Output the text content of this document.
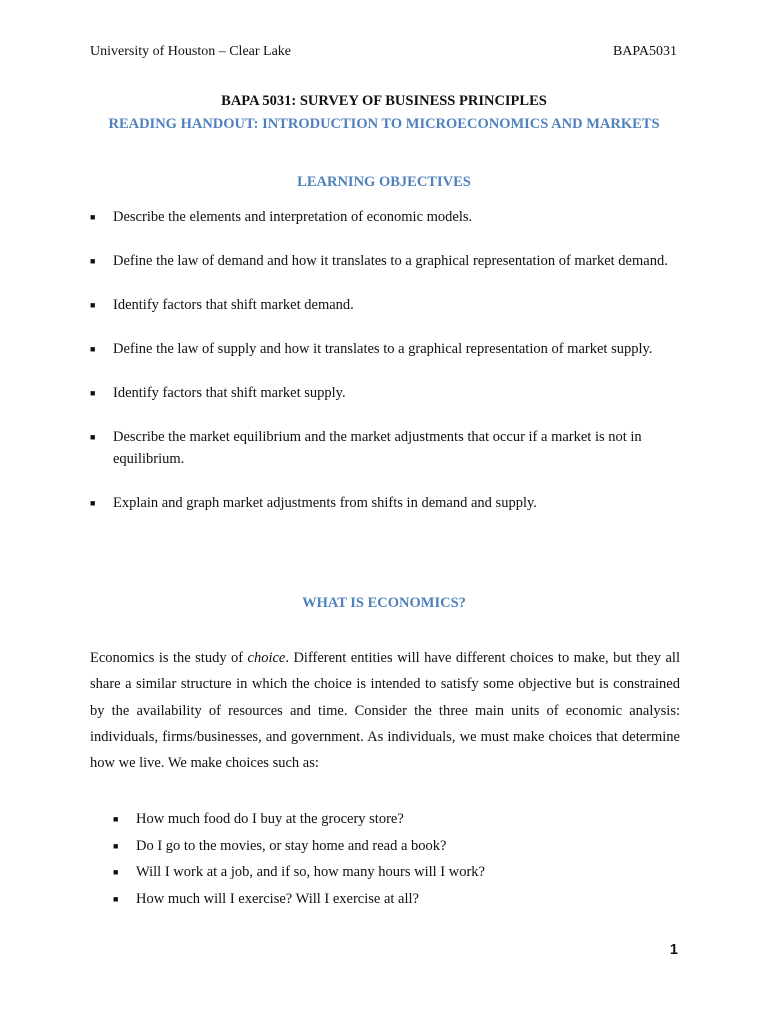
University of Houston – Clear Lake	BAPA5031
BAPA 5031: SURVEY OF BUSINESS PRINCIPLES
READING HANDOUT: INTRODUCTION TO MICROECONOMICS AND MARKETS
LEARNING OBJECTIVES
■ Describe the elements and interpretation of economic models.
■ Define the law of demand and how it translates to a graphical representation of market demand.
■ Identify factors that shift market demand.
■ Define the law of supply and how it translates to a graphical representation of market supply.
■ Identify factors that shift market supply.
■ Describe the market equilibrium and the market adjustments that occur if a market is not in equilibrium.
■ Explain and graph market adjustments from shifts in demand and supply.
WHAT IS ECONOMICS?

Economics is the study of choice. Different entities will have different choices to make, but they all share a similar structure in which the choice is intended to satisfy some objective but is constrained by the availability of resources and time. Consider the three main units of economic analysis: individuals, firms/businesses, and government. As individuals, we must make choices that determine how we live. We make choices such as:

■ How much food do I buy at the grocery store?
■ Do I go to the movies, or stay home and read a book?
■ Will I work at a job, and if so, how many hours will I work?
■ How much will I exercise? Will I exercise at all?
1
